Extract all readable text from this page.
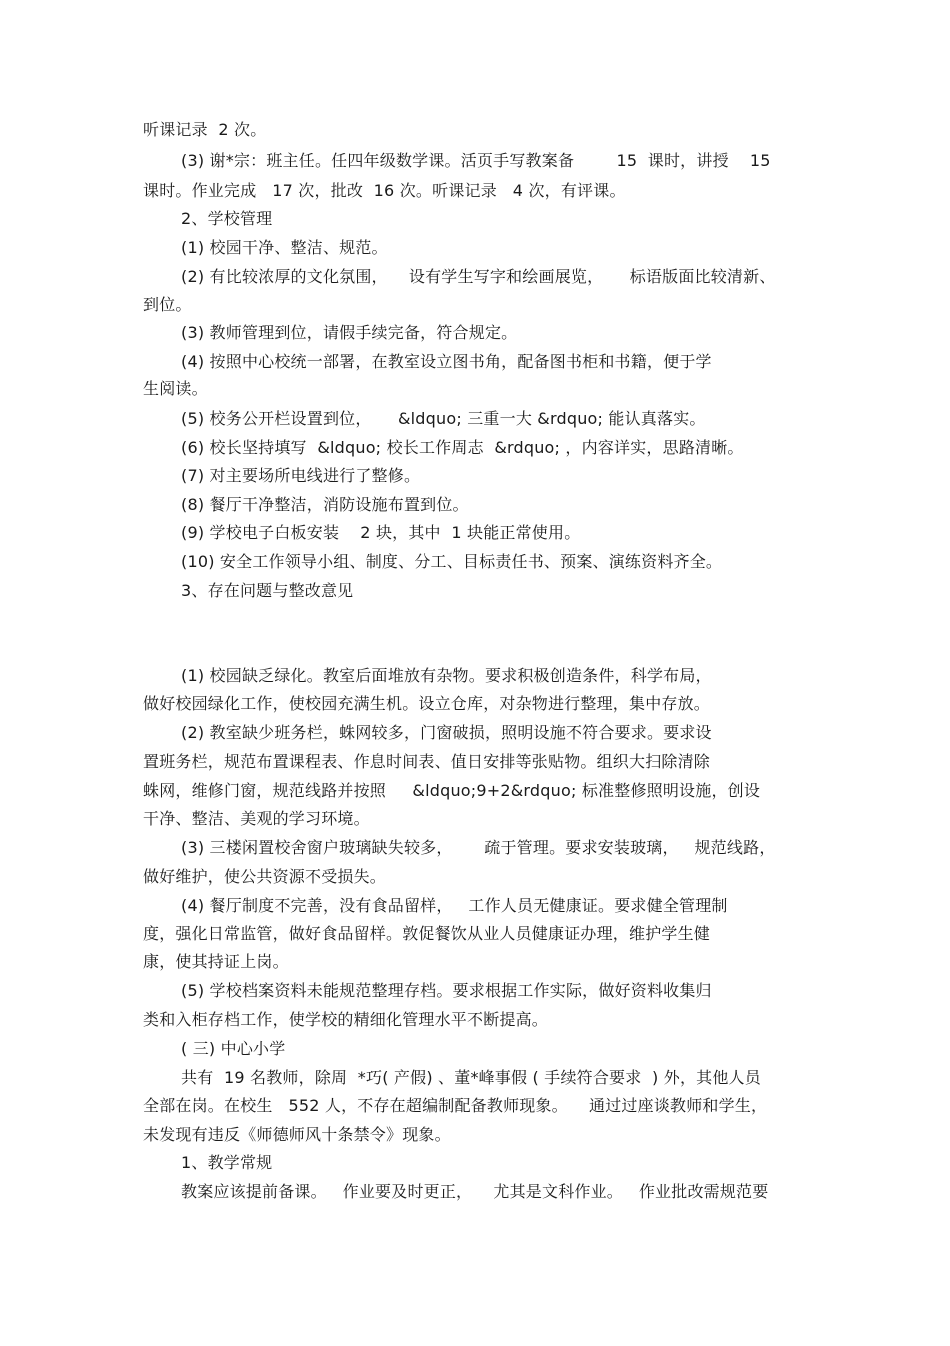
听课记录  2 次。
(3) 谢*宗：班主任。任四年级数学课。活页手写教案备        15  课时，讲授    15
课时。作业完成   17 次，批改  16 次。听课记录   4 次，有评课。
2、学校管理
(1) 校园干净、整洁、规范。
(2) 有比较浓厚的文化氛围，    设有学生写字和绘画展览，     标语版面比较清新、
到位。
(3) 教师管理到位，请假手续完备，符合规定。
(4) 按照中心校统一部署，在教室设立图书角，配备图书柜和书籍，便于学
生阅读。
(5) 校务公开栏设置到位，     &ldquo; 三重一大 &rdquo; 能认真落实。
(6) 校长坚持填写  &ldquo; 校长工作周志  &rdquo; ，内容详实，思路清晰。
(7) 对主要场所电线进行了整修。
(8) 餐厅干净整洁，消防设施布置到位。
(9) 学校电子白板安装    2 块，其中  1 块能正常使用。
(10) 安全工作领导小组、制度、分工、目标责任书、预案、演练资料齐全。
3、存在问题与整改意见
(1) 校园缺乏绿化。教室后面堆放有杂物。要求积极创造条件，科学布局，
做好校园绿化工作，使校园充满生机。设立仓库，对杂物进行整理，集中存放。
(2) 教室缺少班务栏，蛛网较多，门窗破损，照明设施不符合要求。要求设
置班务栏，规范布置课程表、作息时间表、值日安排等张贴物。组织大扫除清除
蛛网，维修门窗，规范线路并按照     &ldquo;9+2&rdquo; 标准整修照明设施，创设
干净、整洁、美观的学习环境。
(3) 三楼闲置校舍窗户玻璃缺失较多，      疏于管理。要求安装玻璃，   规范线路，
做好维护，使公共资源不受损失。
(4) 餐厅制度不完善，没有食品留样，   工作人员无健康证。要求健全管理制
度，强化日常监管，做好食品留样。敦促餐饮从业人员健康证办理，维护学生健
康，使其持证上岗。
(5) 学校档案资料未能规范整理存档。要求根据工作实际，做好资料收集归
类和入柜存档工作，使学校的精细化管理水平不断提高。
( 三) 中心小学
共有  19 名教师，除周  *巧( 产假) 、董*峰事假 ( 手续符合要求  ) 外，其他人员
全部在岗。在校生   552 人，不存在超编制配备教师现象。    通过过座谈教师和学生，
未发现有违反《师德师风十条禁令》现象。
1、教学常规
教案应该提前备课。   作业要及时更正，    尤其是文科作业。   作业批改需规范要
